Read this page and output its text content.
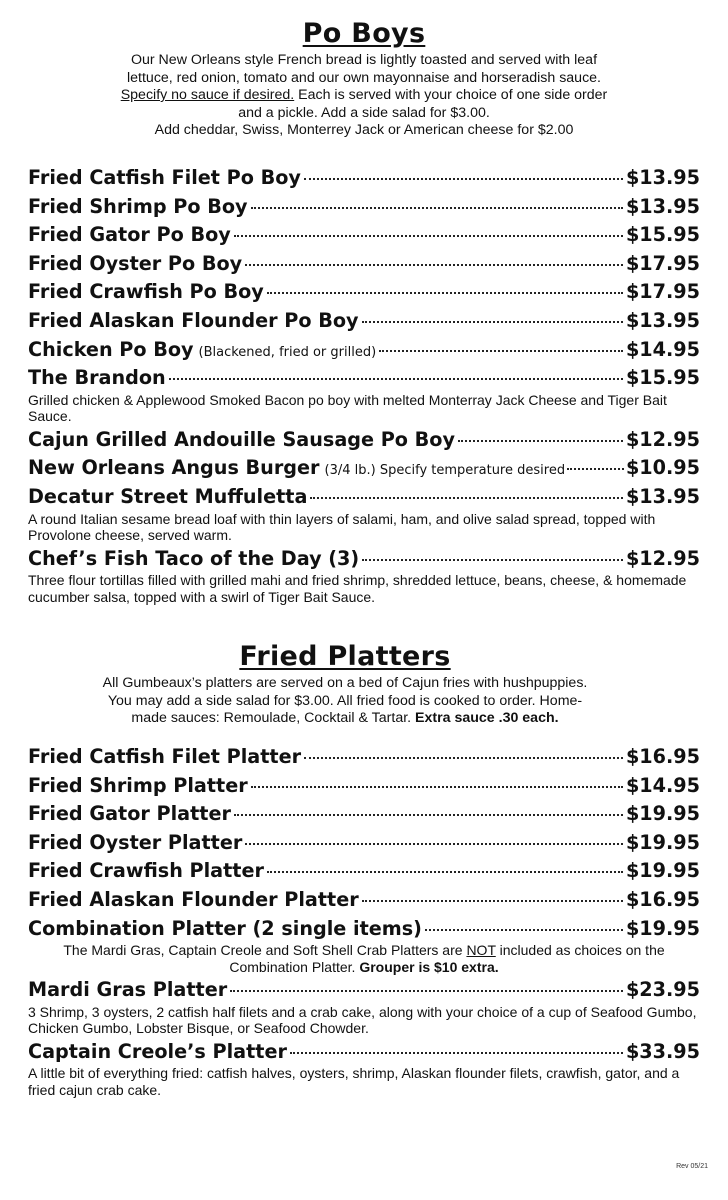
Po Boys

Our New Orleans style French bread is lightly toasted and served with leaf

lettuce, red onion, tomato and our own mayonnaise and horseradish sauce.

Specify no sauce if desired. Each is served with your choice of one side order

and a pickle. Add a side salad for $3.00.

Add cheddar, Swiss, Monterrey Jack or American cheese for $2.00

Fried Catfish Filet Po Boy	$13.95
Fried Shrimp Po Boy	$13.95
Fried Gator Po Boy	$15.95
Fried Oyster Po Boy	$17.95
Fried Crawfish Po Boy	$17.95
Fried Alaskan Flounder Po Boy	$13.95
Chicken Po Boy (Blackened, fried or grilled)	$14.95
The Brandon	$15.95
Grilled chicken & Applewood Smoked Bacon po boy with melted Monterray Jack Cheese and Tiger Bait Sauce.
Cajun Grilled Andouille Sausage Po Boy	$12.95
New Orleans Angus Burger (3/4 lb.) Specify temperature desired	$10.95
Decatur Street Muffuletta	$13.95
A round Italian sesame bread loaf with thin layers of salami, ham, and olive salad spread, topped with Provolone cheese, served warm.
Chef’s Fish Taco of the Day (3)	$12.95
Three flour tortillas filled with grilled mahi and fried shrimp, shredded lettuce, beans, cheese, & homemade cucumber salsa, topped with a swirl of Tiger Bait Sauce.
Fried Platters

All Gumbeaux’s platters are served on a bed of Cajun fries with hushpuppies.

You may add a side salad for $3.00. All fried food is cooked to order. Home-

made sauces: Remoulade, Cocktail & Tartar. Extra sauce .30 each.

Fried Catfish Filet Platter	$16.95
Fried Shrimp Platter	$14.95
Fried Gator Platter	$19.95
Fried Oyster Platter	$19.95
Fried Crawfish Platter	$19.95
Fried Alaskan Flounder Platter	$16.95
Combination Platter (2 single items)	$19.95
The Mardi Gras, Captain Creole and Soft Shell Crab Platters are NOT included as choices on the Combination Platter. Grouper is $10 extra.
Mardi Gras Platter	$23.95
3 Shrimp, 3 oysters, 2 catfish half filets and a crab cake, along with your choice of a cup of Seafood Gumbo, Chicken Gumbo, Lobster Bisque, or Seafood Chowder.
Captain Creole’s Platter	$33.95
A little bit of everything fried: catfish halves, oysters, shrimp, Alaskan flounder filets, crawfish, gator, and a fried cajun crab cake.
Rev 05/21
